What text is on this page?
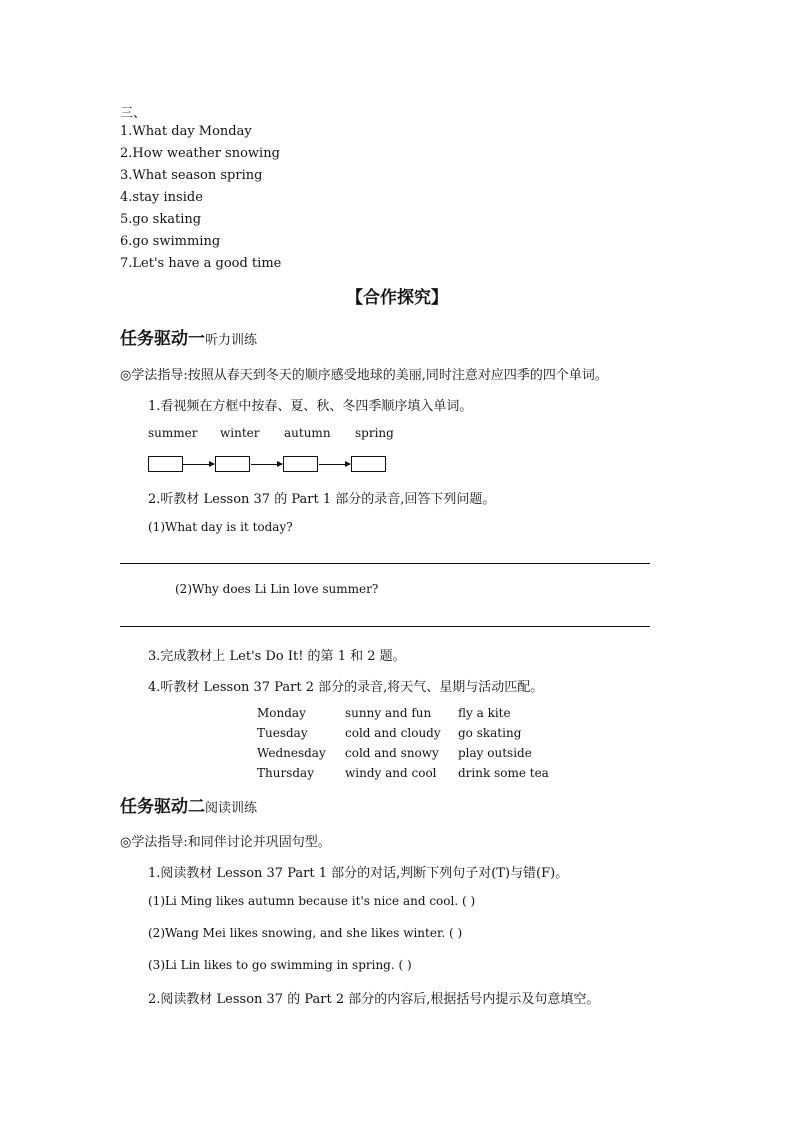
三、
1.What day Monday
2.How weather snowing
3.What season spring
4.stay inside
5.go skating
6.go swimming
7.Let's have a good time
【合作探究】
任务驱动一听力训练
◎学法指导:按照从春天到冬天的顺序感受地球的美丽,同时注意对应四季的四个单词。
1.看视频在方框中按春、夏、秋、冬四季顺序填入单词。
summer winter autumn spring
2.听教材 Lesson 37 的 Part 1 部分的录音,回答下列问题。
(1)What day is it today?
(2)Why does Li Lin love summer?
3.完成教材上 Let's Do It! 的第 1 和 2 题。
4.听教材 Lesson 37 Part 2 部分的录音,将天气、星期与活动匹配。
Monday	sunny and fun	fly a kite
Tuesday	cold and cloudy	go skating
Wednesday	cold and snowy	play outside
Thursday	windy and cool	drink some tea
任务驱动二阅读训练
◎学法指导:和同伴讨论并巩固句型。
1.阅读教材 Lesson 37 Part 1 部分的对话,判断下列句子对(T)与错(F)。
(1)Li Ming likes autumn because it's nice and cool. ( )
(2)Wang Mei likes snowing, and she likes winter. ( )
(3)Li Lin likes to go swimming in spring. ( )
2.阅读教材 Lesson 37 的 Part 2 部分的内容后,根据括号内提示及句意填空。
